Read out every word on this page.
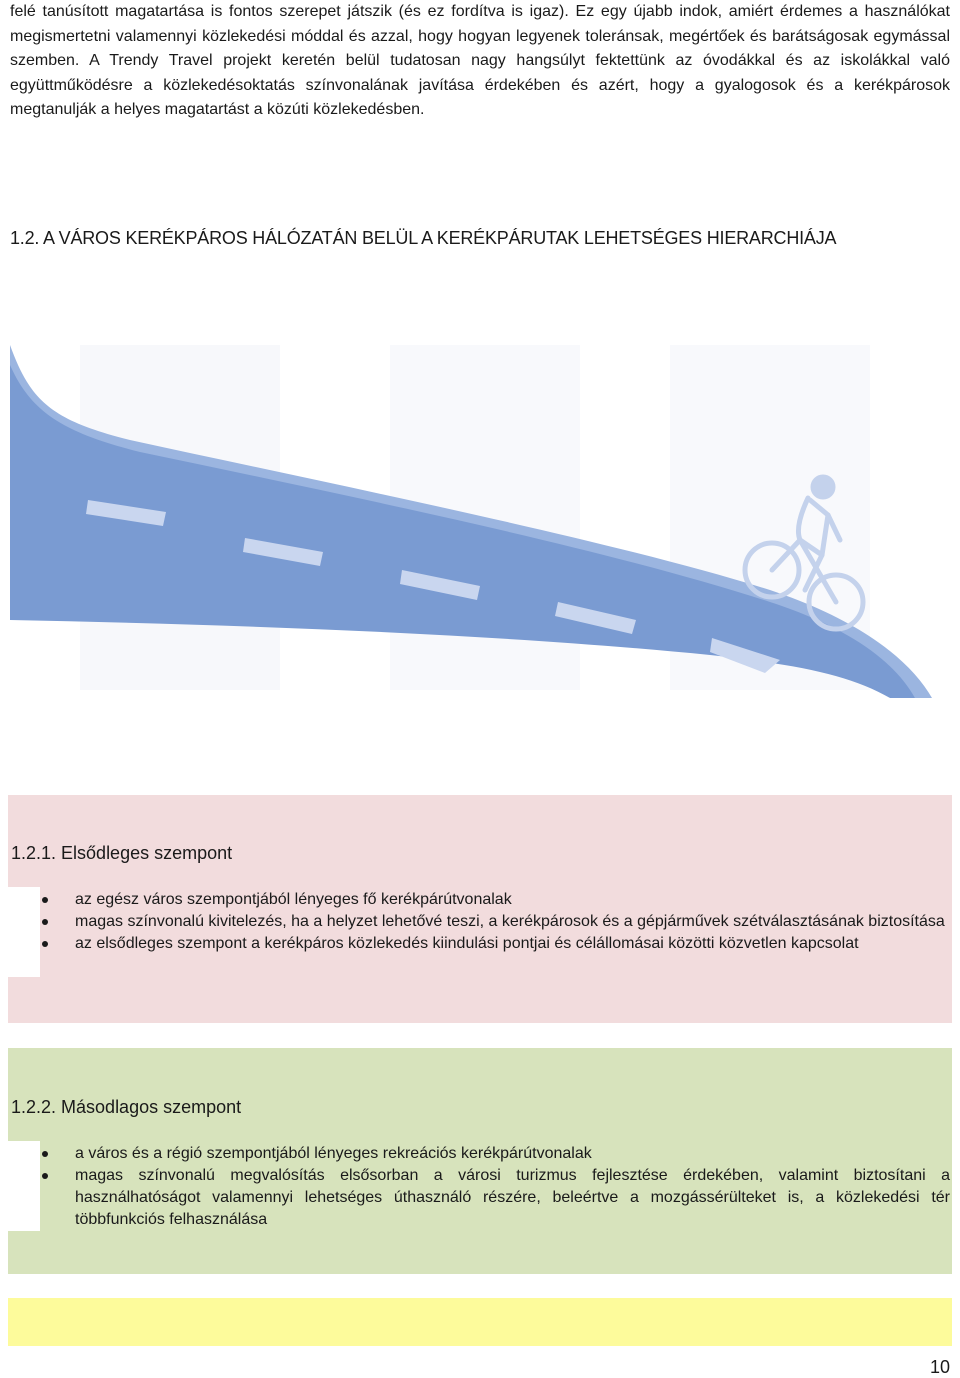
felé tanúsított magatartása is fontos szerepet játszik (és ez fordítva is igaz). Ez egy újabb indok, amiért érdemes a használókat megismertetni valamennyi közlekedési móddal és azzal, hogy hogyan legyenek toleránsak, megértőek és barátságosak egymással szemben. A Trendy Travel projekt keretén belül tudatosan nagy hangsúlyt fektettünk az óvodákkal és az iskolákkal való együttműködésre a közlekedésoktatás színvonalának javítása érdekében és azért, hogy a gyalogosok és a kerékpárosok megtanulják a helyes magatartást a közúti közlekedésben.

1.2. A VÁROS KERÉKPÁROS HÁLÓZATÁN BELÜL A KERÉKPÁRUTAK LEHETSÉGES HIERARCHIÁJA
1.2.1. Elsődleges szempont
az egész város szempontjából lényeges fő kerékpárútvonalak
magas színvonalú kivitelezés, ha a helyzet lehetővé teszi, a kerékpárosok és a gépjárművek szétválasztásának biztosítása
az elsődleges szempont a kerékpáros közlekedés kiindulási pontjai és célállomásai közötti közvetlen kapcsolat
1.2.2. Másodlagos szempont
a város és a régió szempontjából lényeges rekreációs kerékpárútvonalak
magas színvonalú megvalósítás elsősorban a városi turizmus fejlesztése érdekében, valamint biztosítani a használhatóságot valamennyi lehetséges úthasználó részére, beleértve a mozgássérülteket is, a közlekedési tér többfunkciós felhasználása
10
